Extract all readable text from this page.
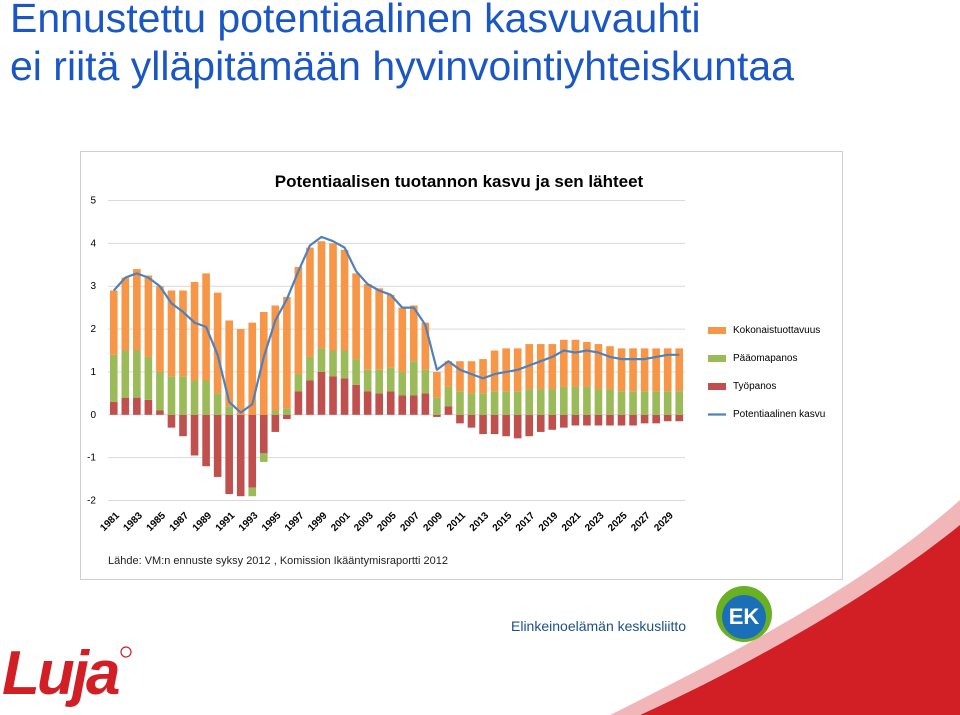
Ennustettu potentiaalinen kasvuvauhti
ei riitä ylläpitämään hyvinvointiyhteiskuntaa
Potentiaalisen tuotannon kasvu ja sen lähteet
5
4
3
2
1
0
-1
-2
1981 1983 1985 1987 1989 1991 1993 1995 1997 1999 2001 2003 2005 2007 2009 2011 2013 2015 2017 2019 2021 2023 2025 2027 2029
Kokonaistuottavuus
Pääomapanos
Työpanos
Potentiaalinen kasvu
Lähde: VM:n ennuste syksy 2012 , Komission Ikääntymisraportti 2012
EK
Elinkeinoelämän keskusliitto
Luja
